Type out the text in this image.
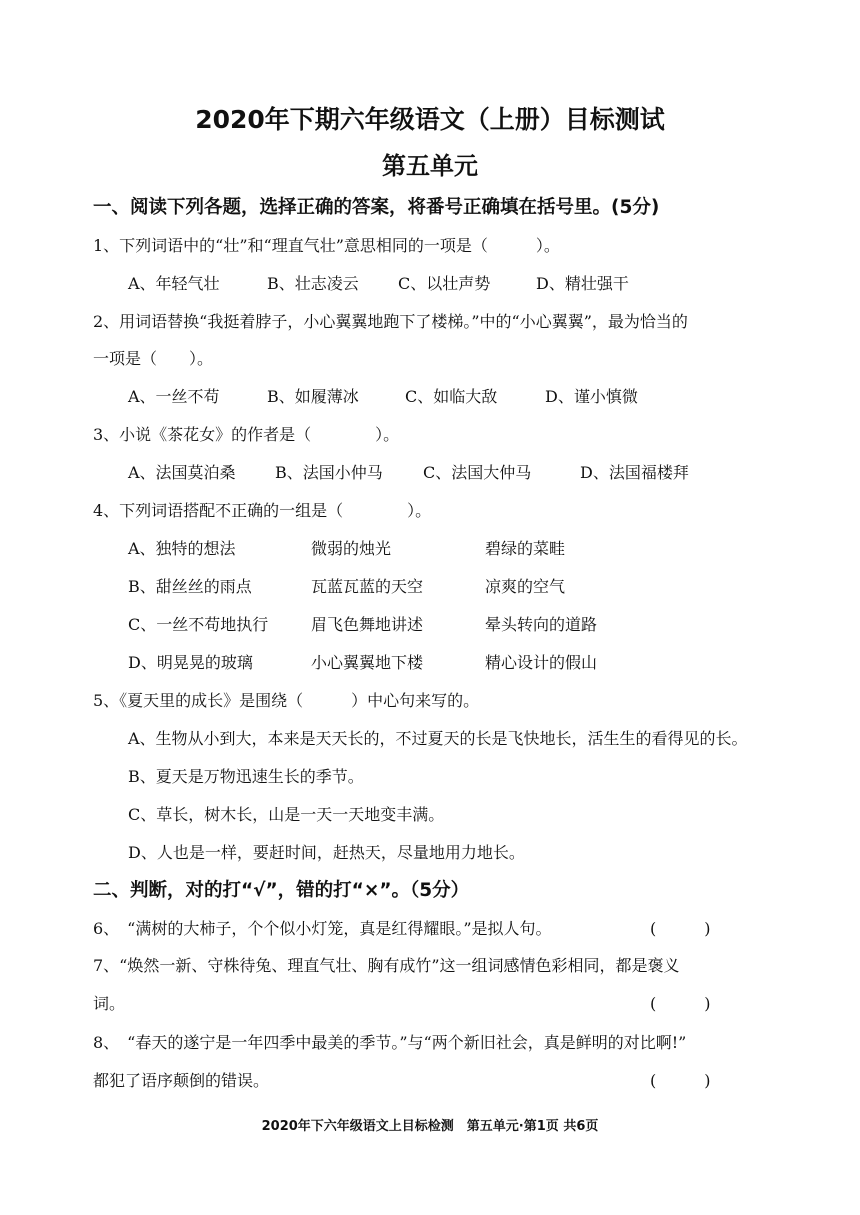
2020年下期六年级语文（上册）目标测试
第五单元
一、阅读下列各题，选择正确的答案，将番号正确填在括号里。(5分)
1、下列词语中的“壮”和“理直气壮”意思相同的一项是（　　　）。
A、年轻气壮	B、壮志凌云 C、以壮声势	D、精壮强干
2、用词语替换“我挺着脖子，小心翼翼地跑下了楼梯。”中的“小心翼翼”，最为恰当的
一项是（　　）。
A、一丝不苟	B、如履薄冰	C、如临大敌	D、谨小慎微
3、小说《茶花女》的作者是（　　　　）。
A、法国莫泊桑 B、法国小仲马	C、法国大仲马	D、法国福楼拜
4、下列词语搭配不正确的一组是（　　　　）。
A、独特的想法	微弱的烛光	碧绿的菜畦
B、甜丝丝的雨点	瓦蓝瓦蓝的天空	凉爽的空气
C、一丝不苟地执行	眉飞色舞地讲述	晕头转向的道路
D、明晃晃的玻璃	小心翼翼地下楼	精心设计的假山
5、《夏天里的成长》是围绕（　　　）中心句来写的。
A、生物从小到大，本来是天天长的，不过夏天的长是飞快地长，活生生的看得见的长。
B、夏天是万物迅速生长的季节。
C、草长，树木长，山是一天一天地变丰满。
D、人也是一样，要赶时间，赶热天，尽量地用力地长。
二、判断，对的打“√”，错的打“×”。（5分）
6、　“满树的大柿子，个个似小灯笼，真是红得耀眼。”是拟人句。	(　　　)
7、“焕然一新、守株待兔、理直气壮、胸有成竹”这一组词感情色彩相同，都是褒义
词。	(　　　)
8、　“春天的遂宁是一年四季中最美的季节。”与“两个新旧社会，真是鲜明的对比啊!”
都犯了语序颠倒的错误。	(　　　)
2020年下六年级语文上目标检测　第五单元·第1页 共6页
